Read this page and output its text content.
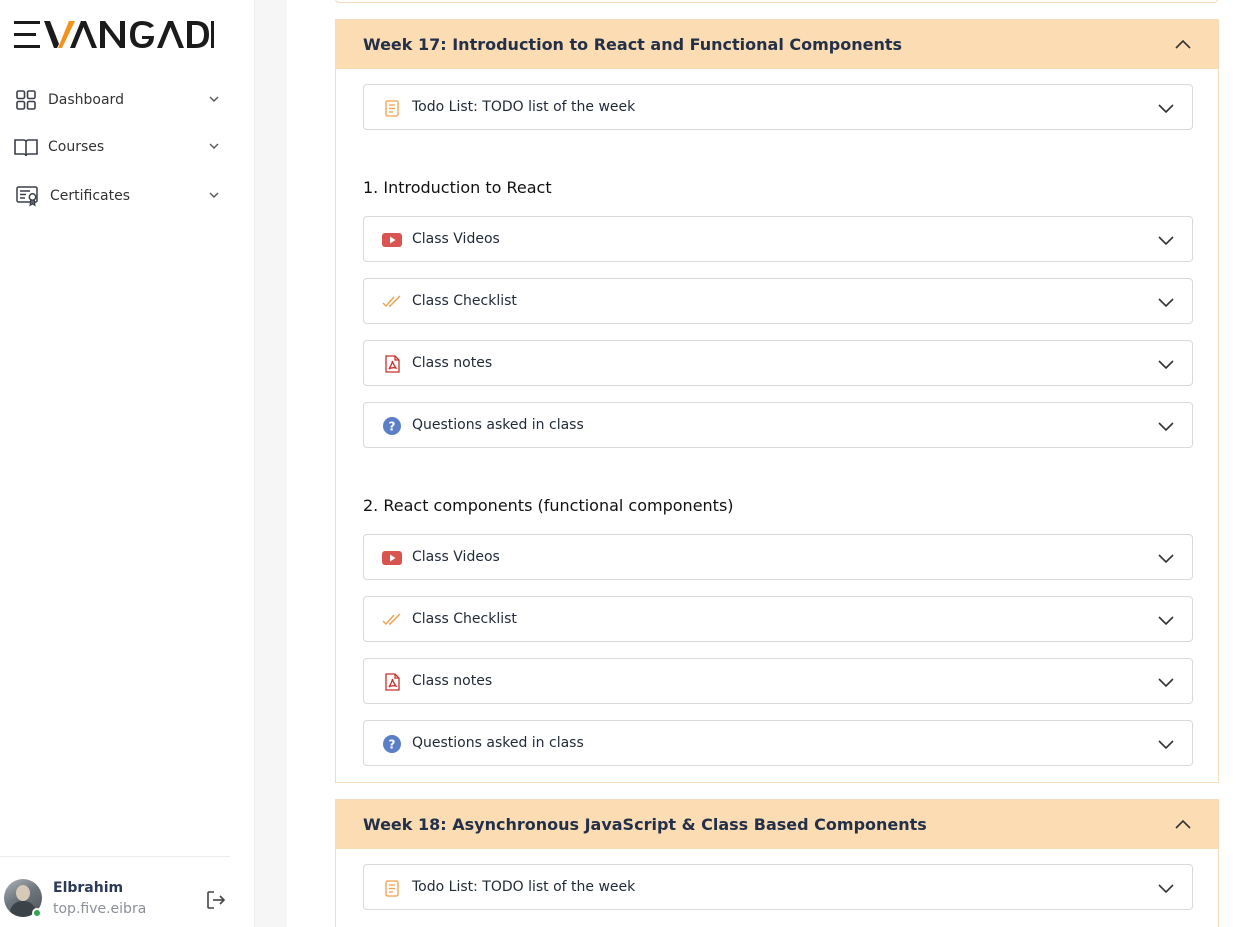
Dashboard
Courses
Certificates
Elbrahim
top.five.eibra
Week 17: Introduction to React and Functional Components
Todo List: TODO list of the week
1. Introduction to React
Class Videos
Class Checklist
Class notes
? Questions asked in class
2. React components (functional components)
Class Videos
Class Checklist
Class notes
? Questions asked in class
Week 18: Asynchronous JavaScript & Class Based Components
Todo List: TODO list of the week
